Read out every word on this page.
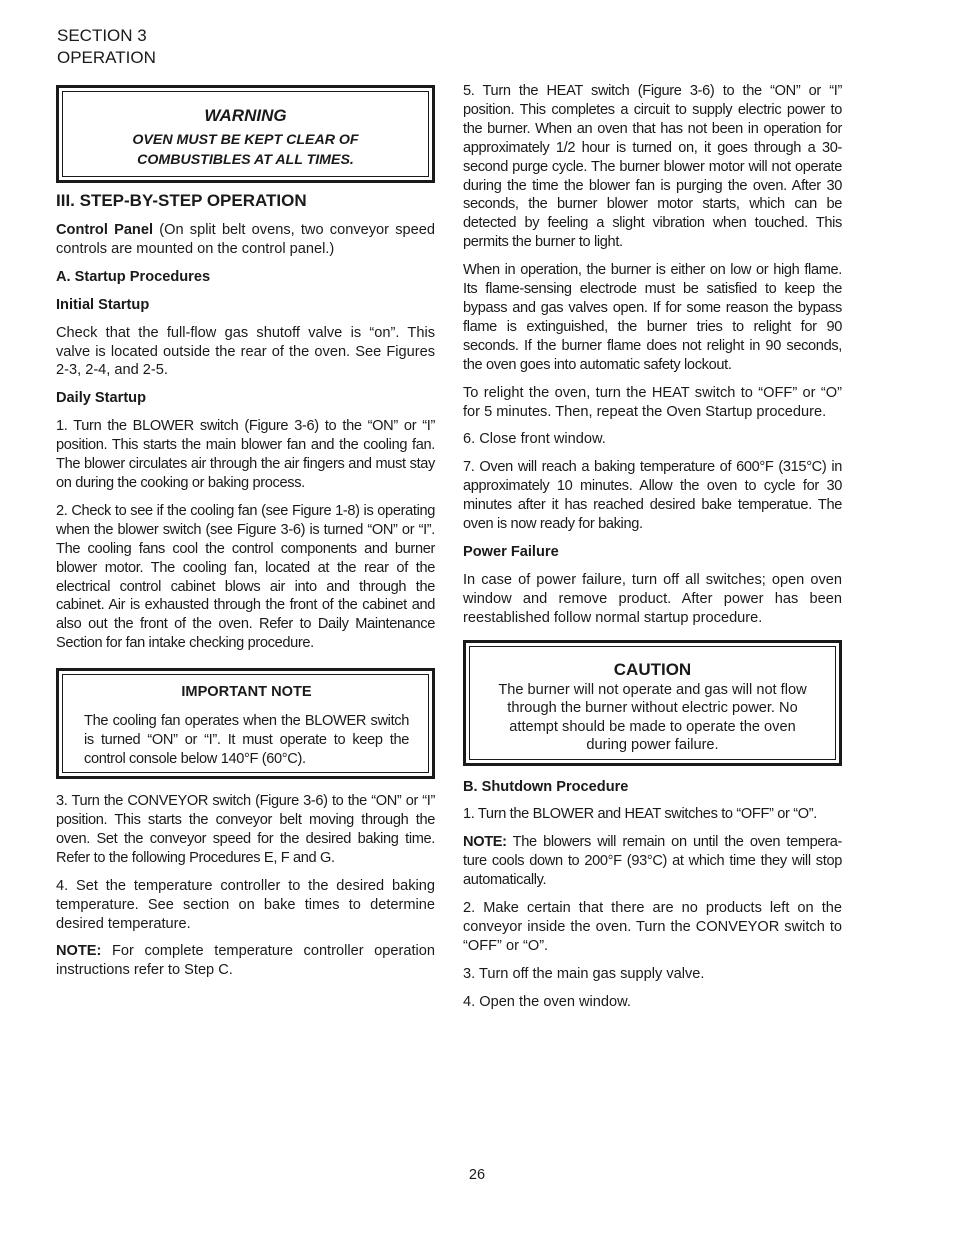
SECTION 3
OPERATION
WARNING
OVEN MUST BE KEPT CLEAR OF
COMBUSTIBLES AT ALL TIMES.
III. STEP-BY-STEP OPERATION

Control Panel (On split belt ovens, two conveyor speed controls are mounted on the control panel.)

A. Startup Procedures
Initial Startup

Check that the full-flow gas shutoff valve is “on”. This valve is located outside the rear of the oven. See Figures 2-3, 2-4, and 2-5.

Daily Startup

1. Turn the BLOWER switch (Figure 3-6) to the “ON” or “I” position. This starts the main blower fan and the cooling fan. The blower circulates air through the air fingers and must stay on during the cooking or baking process.

2. Check to see if the cooling fan (see Figure 1-8) is operating when the blower switch (see Figure 3-6) is turned “ON” or “I”. The cooling fans cool the control components and burner blower motor. The cooling fan, located at the rear of the electrical control cabinet blows air into and through the cabinet. Air is exhausted through the front of the cabinet and also out the front of the oven. Refer to Daily Maintenance Section for fan intake checking procedure.

IMPORTANT NOTE
The cooling fan operates when the BLOWER switch is turned “ON” or “I”. It must operate to keep the control console below 140°F (60°C).

3. Turn the CONVEYOR switch (Figure 3-6) to the “ON” or “I” position. This starts the conveyor belt moving through the oven. Set the conveyor speed for the desired baking time. Refer to the following Procedures E, F and G.

4. Set the temperature controller to the desired baking temperature. See section on bake times to determine desired temperature.

NOTE: For complete temperature controller operation instructions refer to Step C.

5. Turn the HEAT switch (Figure 3-6) to the “ON” or “I” position. This completes a circuit to supply electric power to the burner. When an oven that has not been in operation for approximately 1/2 hour is turned on, it goes through a 30-second purge cycle. The burner blower motor will not operate during the time the blower fan is purging the oven. After 30 seconds, the burner blower motor starts, which can be detected by feeling a slight vibration when touched. This permits the burner to light.

When in operation, the burner is either on low or high flame. Its flame-sensing electrode must be satisfied to keep the bypass and gas valves open. If for some reason the bypass flame is extinguished, the burner tries to relight for 90 seconds. If the burner flame does not relight in 90 seconds, the oven goes into automatic safety lockout.

To relight the oven, turn the HEAT switch to “OFF” or “O” for 5 minutes. Then, repeat the Oven Startup procedure.

6. Close front window.

7. Oven will reach a baking temperature of 600°F (315°C) in approximately 10 minutes. Allow the oven to cycle for 30 minutes after it has reached desired bake temperatue. The oven is now ready for baking.

Power Failure

In case of power failure, turn off all switches; open oven window and remove product. After power has been reestablished follow normal startup procedure.

CAUTION
The burner will not operate and gas will not flow
through the burner without electric power. No
attempt should be made to operate the oven
during power failure.
B. Shutdown Procedure

1. Turn the BLOWER and HEAT switches to “OFF” or “O”.

NOTE: The blowers will remain on until the oven tempera-ture cools down to 200°F (93°C) at which time they will stop automatically.

2. Make certain that there are no products left on the conveyor inside the oven. Turn the CONVEYOR switch to “OFF” or “O”.

3. Turn off the main gas supply valve.

4. Open the oven window.

26
